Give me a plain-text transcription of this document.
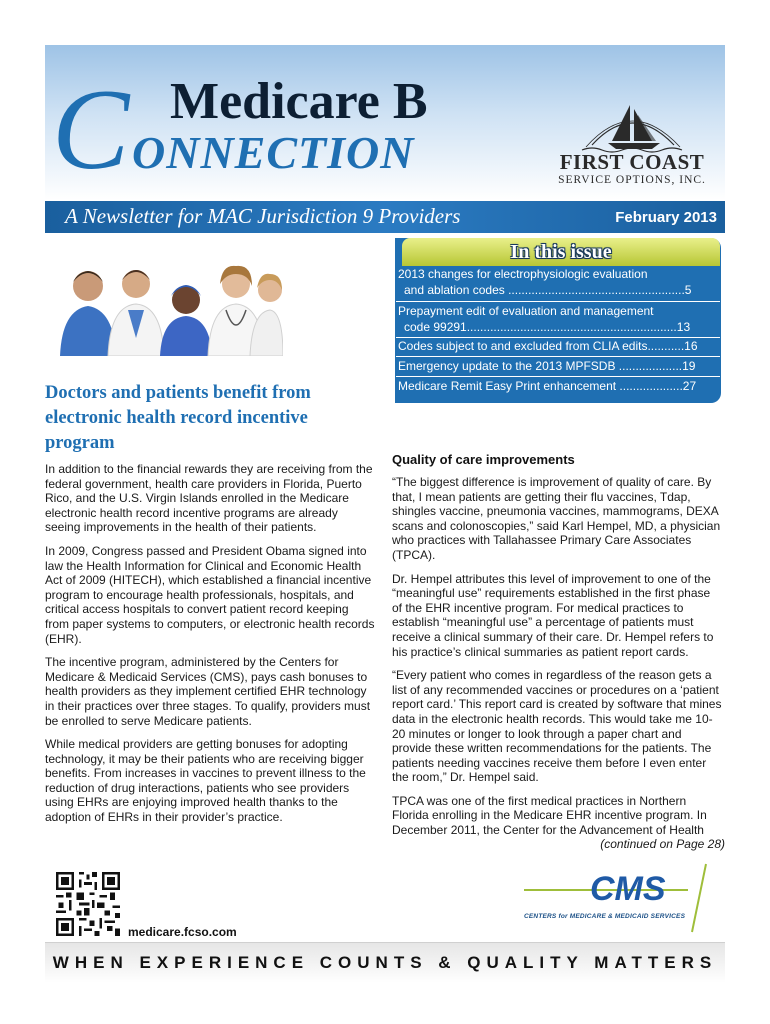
C Medicare B
ONNECTION	FIRST COAST
SERVICE OPTIONS, INC.
A Newsletter for MAC Jurisdiction 9 Providers	February 2013
In this issue
2013 changes for electrophysiologic evaluation
and ablation codes .....................................................5
Prepayment edit of evaluation and management
code 99291...............................................................13
Codes subject to and excluded from CLIA edits...........16
Emergency update to the 2013 MPFSDB ...................19
Medicare Remit Easy Print enhancement ...................27
Doctors and patients benefit from electronic health record incentive program

In addition to the financial rewards they are receiving from the federal government, health care providers in Florida, Puerto Rico, and the U.S. Virgin Islands enrolled in the Medicare electronic health record incentive programs are already seeing improvements in the health of their patients.

In 2009, Congress passed and President Obama signed into law the Health Information for Clinical and Economic Health Act of 2009 (HITECH), which established a financial incentive program to encourage health professionals, hospitals, and critical access hospitals to convert patient record keeping from paper systems to computers, or electronic health records (EHR).

The incentive program, administered by the Centers for Medicare & Medicaid Services (CMS), pays cash bonuses to health providers as they implement certified EHR technology in their practices over three stages. To qualify, providers must be enrolled to serve Medicare patients.

While medical providers are getting bonuses for adopting technology, it may be their patients who are receiving bigger benefits. From increases in vaccines to prevent illness to the reduction of drug interactions, patients who see providers using EHRs are enjoying improved health thanks to the adoption of EHRs in their provider’s practice.

Quality of care improvements

“The biggest difference is improvement of quality of care. By that, I mean patients are getting their flu vaccines, Tdap, shingles vaccine, pneumonia vaccines, mammograms, DEXA scans and colonoscopies,” said Karl Hempel, MD, a physician who practices with Tallahassee Primary Care Associates (TPCA).

Dr. Hempel attributes this level of improvement to one of the “meaningful use” requirements established in the first phase of the EHR incentive program. For medical practices to establish “meaningful use” a percentage of patients must receive a clinical summary of their care. Dr. Hempel refers to his practice’s clinical summaries as patient report cards.

“Every patient who comes in regardless of the reason gets a list of any recommended vaccines or procedures on a ‘patient report card.’ This report card is created by software that mines data in the electronic health records. This would take me 10-20 minutes or longer to look through a paper chart and provide these written recommendations for the patients. The patients needing vaccines receive them before I even enter the room,” Dr. Hempel said.

TPCA was one of the first medical practices in Northern Florida enrolling in the Medicare EHR incentive program. In December 2011, the Center for the Advancement of Health

(continued on Page 28)
medicare.fcso.com
CMS
CENTERS for MEDICARE & MEDICAID SERVICES
WHEN EXPERIENCE COUNTS & QUALITY MATTERS
